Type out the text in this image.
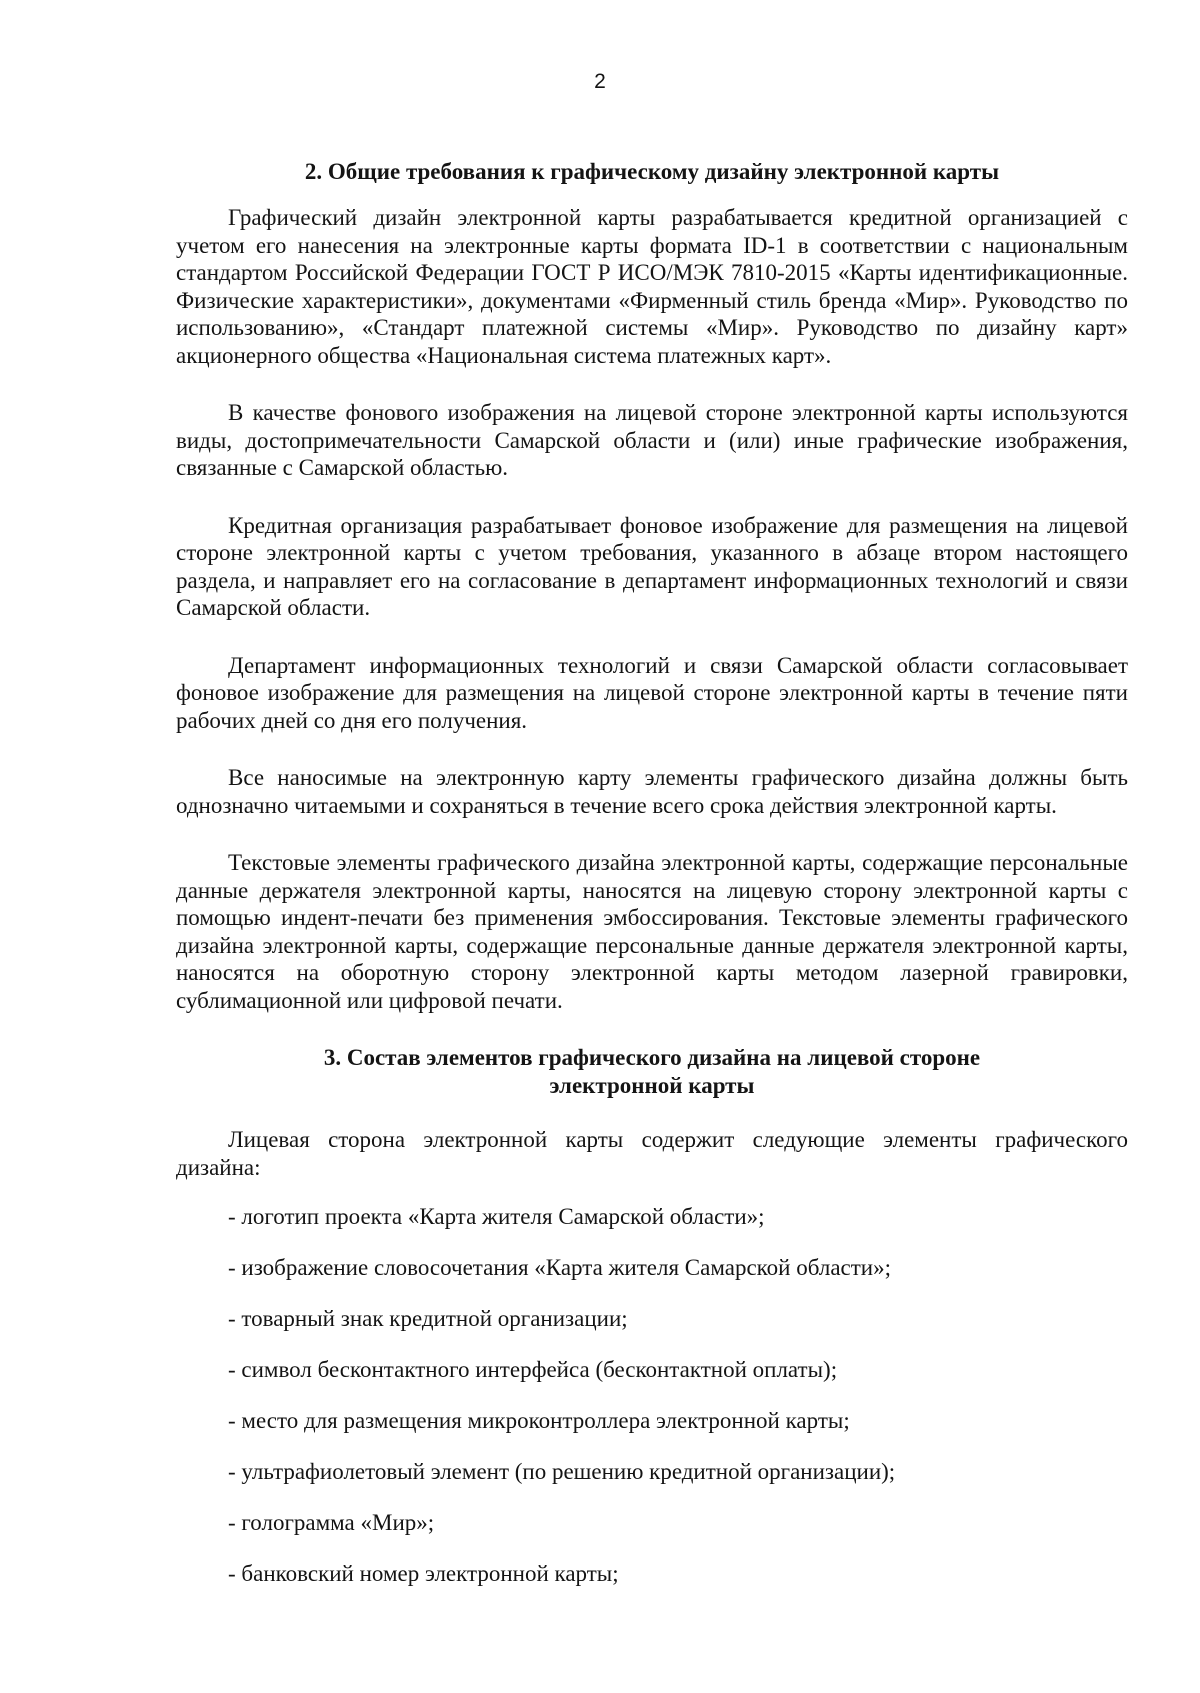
2
2. Общие требования к графическому дизайну электронной карты

Графический дизайн электронной карты разрабатывается кредитной организацией с учетом его нанесения на электронные карты формата ID-1 в соответствии с национальным стандартом Российской Федерации ГОСТ Р ИСО/МЭК 7810-2015 «Карты идентификационные. Физические характеристики», документами «Фирменный стиль бренда «Мир». Руководство по использованию», «Стандарт платежной системы «Мир». Руководство по дизайну карт» акционерного общества «Национальная система платежных карт».

В качестве фонового изображения на лицевой стороне электронной карты используются виды, достопримечательности Самарской области и (или) иные графические изображения, связанные с Самарской областью.

Кредитная организация разрабатывает фоновое изображение для размещения на лицевой стороне электронной карты с учетом требования, указанного в абзаце втором настоящего раздела, и направляет его на согласование в департамент информационных технологий и связи Самарской области.

Департамент информационных технологий и связи Самарской области согласовывает фоновое изображение для размещения на лицевой стороне электронной карты в течение пяти рабочих дней со дня его получения.

Все наносимые на электронную карту элементы графического дизайна должны быть однозначно читаемыми и сохраняться в течение всего срока действия электронной карты.

Текстовые элементы графического дизайна электронной карты, содержащие персональные данные держателя электронной карты, наносятся на лицевую сторону электронной карты с помощью индент-печати без применения эмбоссирования. Текстовые элементы графического дизайна электронной карты, содержащие персональные данные держателя электронной карты, наносятся на оборотную сторону электронной карты методом лазерной гравировки, сублимационной или цифровой печати.

3. Состав элементов графического дизайна на лицевой стороне
электронной карты

Лицевая сторона электронной карты содержит следующие элементы графического дизайна:

- логотип проекта «Карта жителя Самарской области»;
- изображение словосочетания «Карта жителя Самарской области»;
- товарный знак кредитной организации;
- символ бесконтактного интерфейса (бесконтактной оплаты);
- место для размещения микроконтроллера электронной карты;
- ультрафиолетовый элемент (по решению кредитной организации);
- голограмма «Мир»;
- банковский номер электронной карты;
